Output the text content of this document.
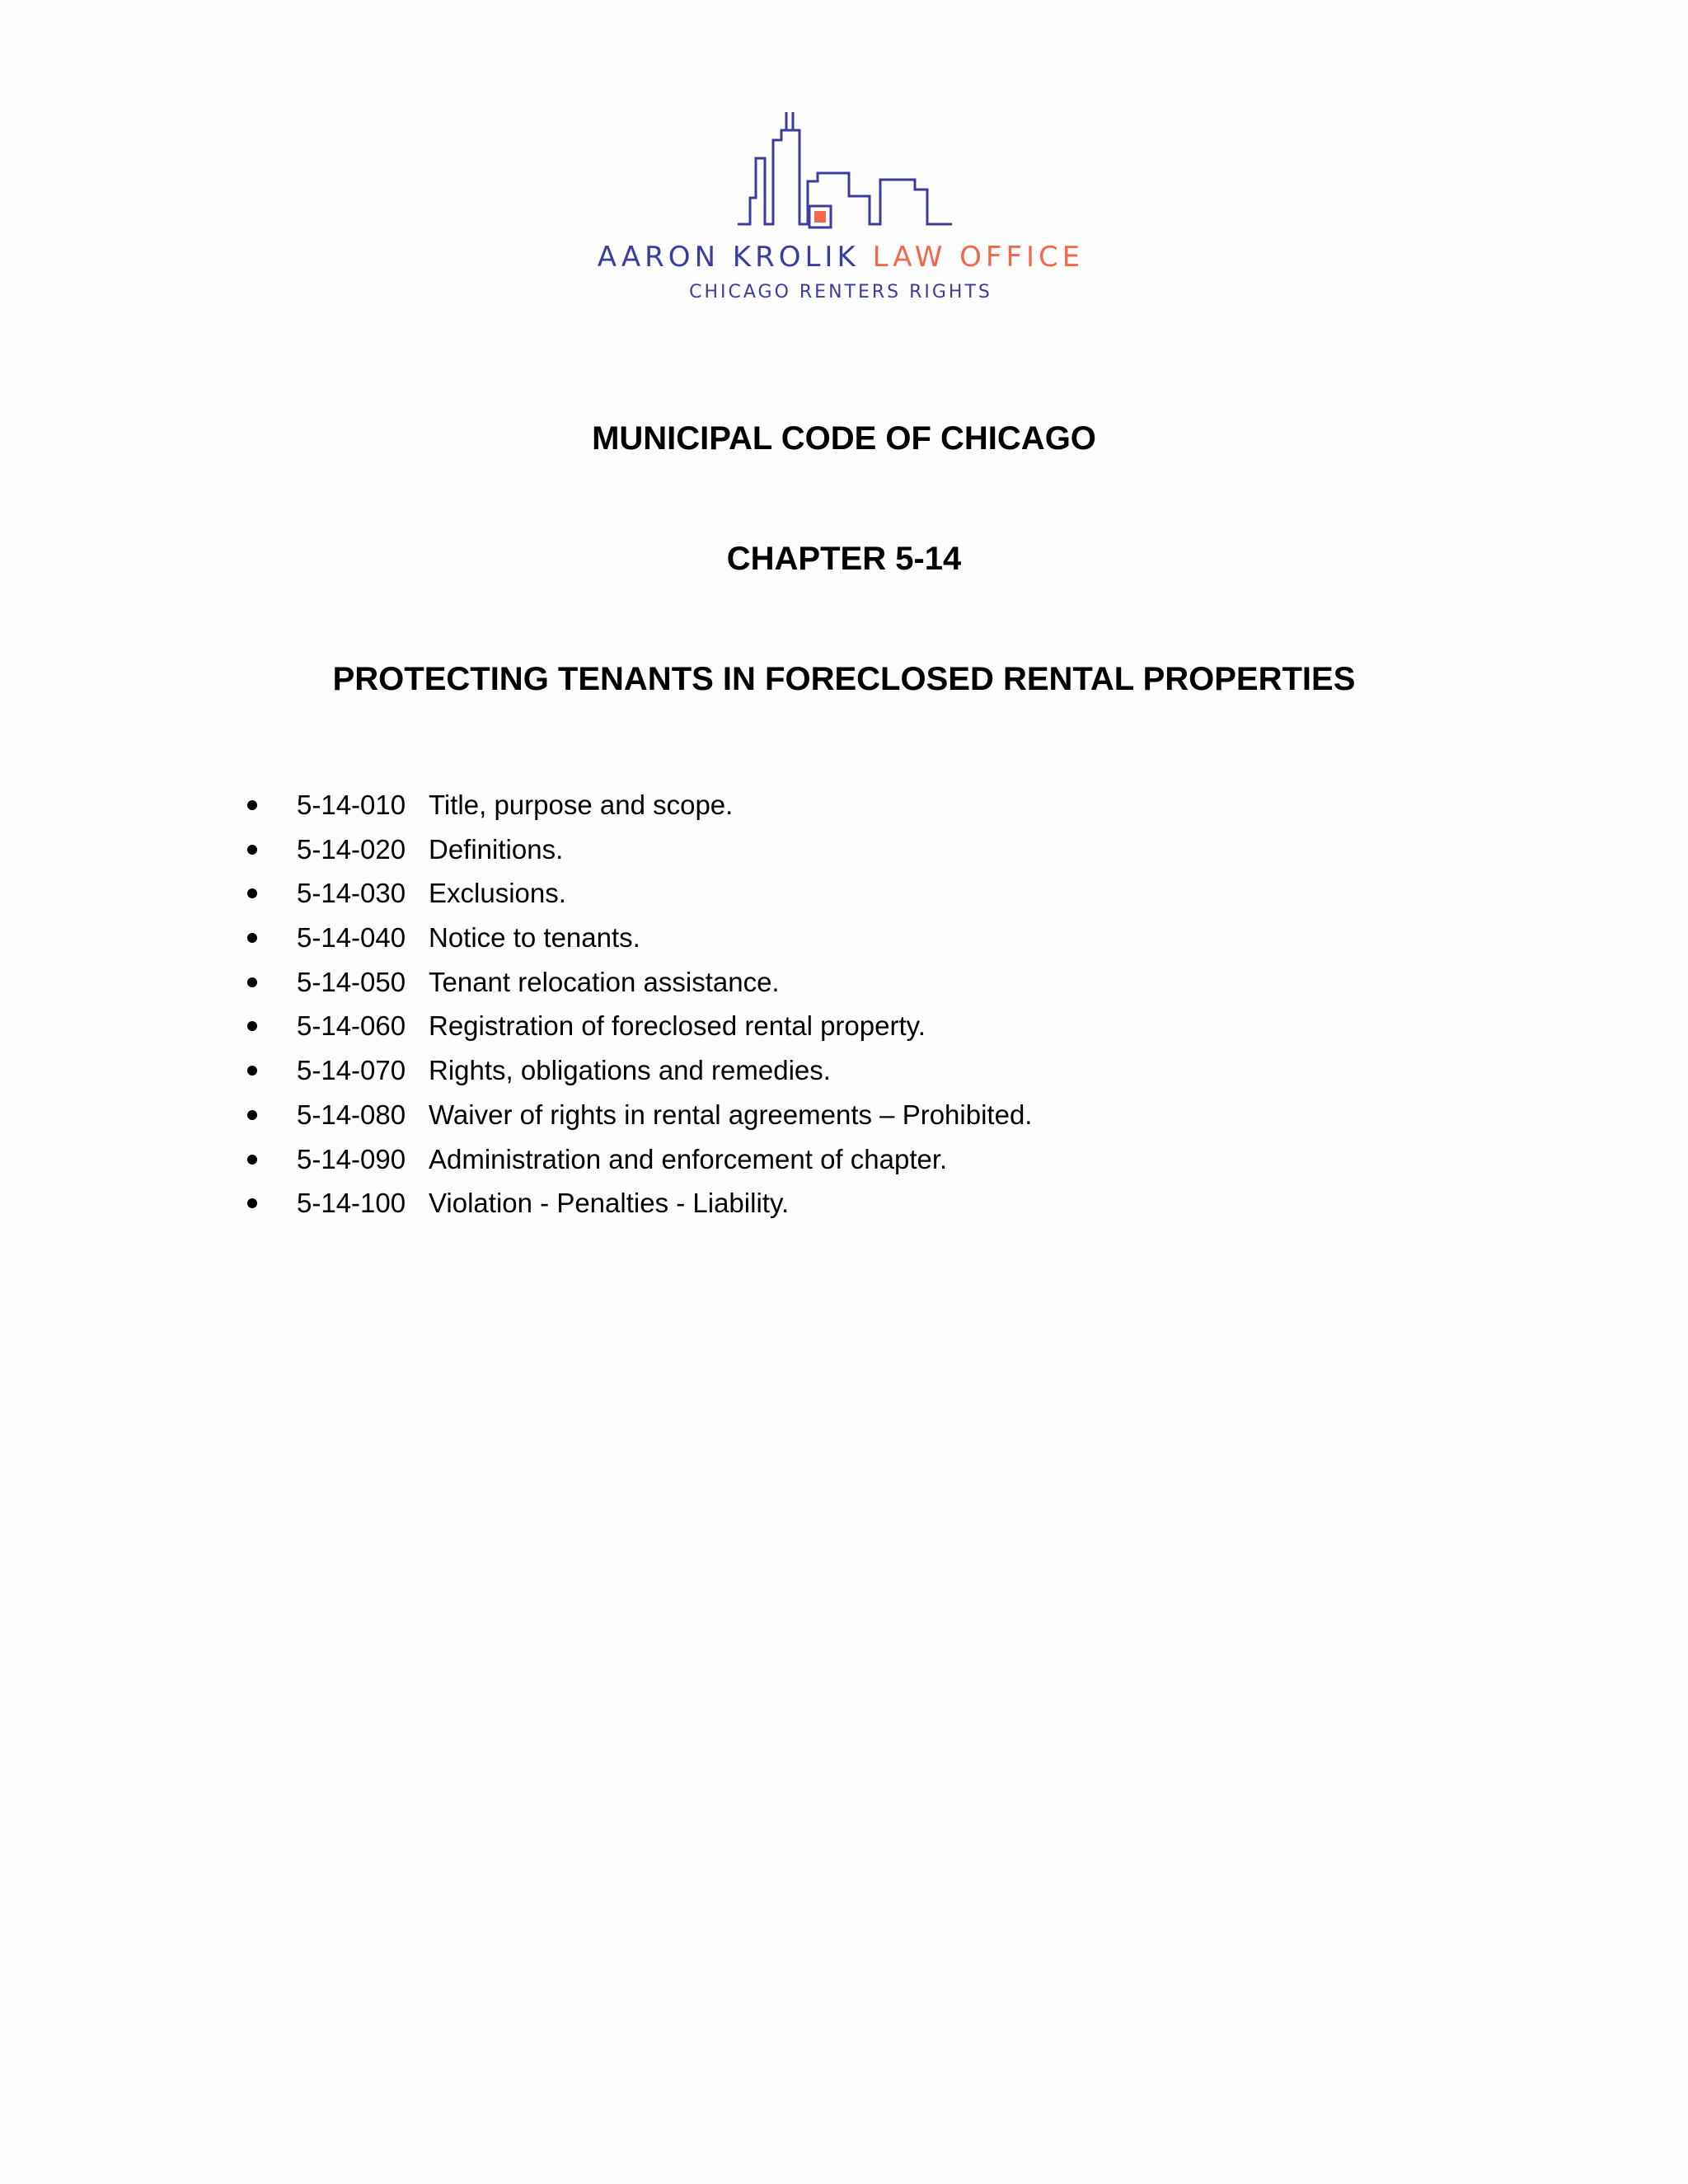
AARON KROLIK LAW OFFICE
CHICAGO RENTERS RIGHTS
MUNICIPAL CODE OF CHICAGO
CHAPTER 5-14
PROTECTING TENANTS IN FORECLOSED RENTAL PROPERTIES
5-14-010 Title, purpose and scope.
5-14-020 Definitions.
5-14-030 Exclusions.
5-14-040 Notice to tenants.
5-14-050 Tenant relocation assistance.
5-14-060 Registration of foreclosed rental property.
5-14-070 Rights, obligations and remedies.
5-14-080 Waiver of rights in rental agreements – Prohibited.
5-14-090 Administration and enforcement of chapter.
5-14-100 Violation - Penalties - Liability.
